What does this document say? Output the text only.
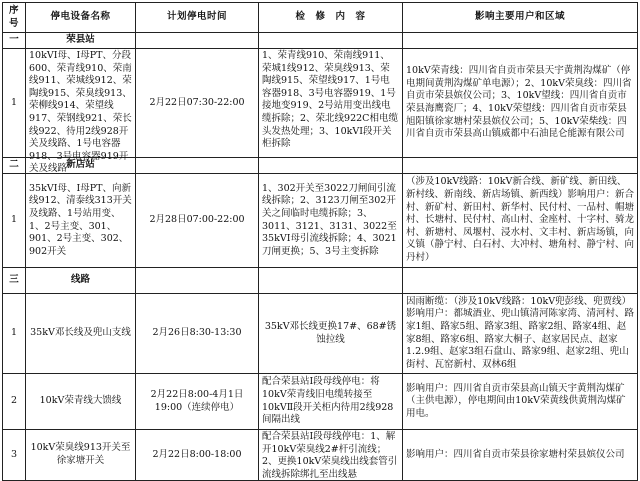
序号	停电设备名称	计划停电时间	检　修　内　容	影响主要用户和区域
一	荣县站			
1	10kVⅠ母、Ⅰ母PT、分段600、荣青线910、荣南线911、荣城线912、荣陶线915、荣臭线913、荣柳线914、荣望线917、荣钢线921、荣长线922、待用2线928开关及线路、1号电容器918、3号电容器919开关及线路	2月22日07:30-22:00	1、荣青线910、荣南线911、荣城1线912、荣臭线913、荣陶线915、荣望线917、1号电容器918、3号电容器919、1号接地变919、2号站用变出线电缆拆除；2、荣北线922C相电缆头发热处理；3、10kVⅠ段开关柜拆除	10kV荣青线：四川省自贡市荣县天宇黄荆沟煤矿（停电期间黄荆沟煤矿单电源）；2、10kV荣臭线：四川省自贡市荣县嫔仪公司；3、10kV望线：四川省自贡市荣县海鹰瓷厂；4、10kV荣望线：四川省自贡市荣县旭阳镇徐家塘村荣县嫔仪公司；5、10kV荣柴线：四川省自贡市荣县高山镇威都中石油昆仑能源有限公司
二	新店站			
1	35kVⅠ母、Ⅰ母PT、向新线912、清泰线313开关及线路、1号站用变、1、2号主变、301、901、2号主变、302、902开关	2月28日07:00-22:00	1、302开关至3022刀闸间引流线拆除；2、3123刀闸至302开关之间临时电缆拆除；3、3011、3121、3131、3022至35kVⅠ母引流线拆除；4、3021刀闸更换；5、3号主变拆除	（涉及10kV线路：10kV新合线、新矿线、新田线、新村线、新南线、新店场镇、新西线）影响用户：新合村、新矿村、新田村、新华村、民付村、一品村、帽塘村、长塘村、民付村、高山村、金座村、十字村、骑龙村、新塘村、凤堰村、浸水村、文丰村、新店场镇，向义镇（静宁村、白石村、大冲村、塘角村、静宁村、向丹村）
三	线路			
1	35kV邓长线及兜山支线	2月26日8:30-13:30	35kV邓长线更换17#、68#锈蚀拉线	因雨断缆：（涉及10kV线路：10kV兜彭线、兜贾线）影响用户：都城酒业、兜山镇清河陈家湾、清河村、路家1组、路家5组、路家3组、路家2组、路家4组、赵家8组、路家6组、路家大桐子、赵家居民点、赵家1.2.9组、赵家3组石盘山、路家9组、赵家2组、兜山街村、瓦窑新村、双林6组
2	10kV荣青线大馈线	2月22日8:00-4月1日19:00（连续停电）	配合荣县站Ⅰ段母线停电：将10kV荣青线旧电缆转接至10kVⅡ段开关柜内待用2线928间隔出线	影响用户：四川省自贡市荣县高山镇天宇黄荆沟煤矿（主供电源），停电期间由10kV荣黄线供黄荆沟煤矿用电。
3	10kV荣臭线913开关至徐家塘开关	2月22日8:00-18:00	配合荣县站Ⅰ段母线停电：1、解开10kV荣臭线2#杆引流线；2、更换10kV荣臭线出线套管引流线拆除绑扎至出线悬	影响用户：四川省自贡市荣县徐家塘村荣县嫔仪公司
